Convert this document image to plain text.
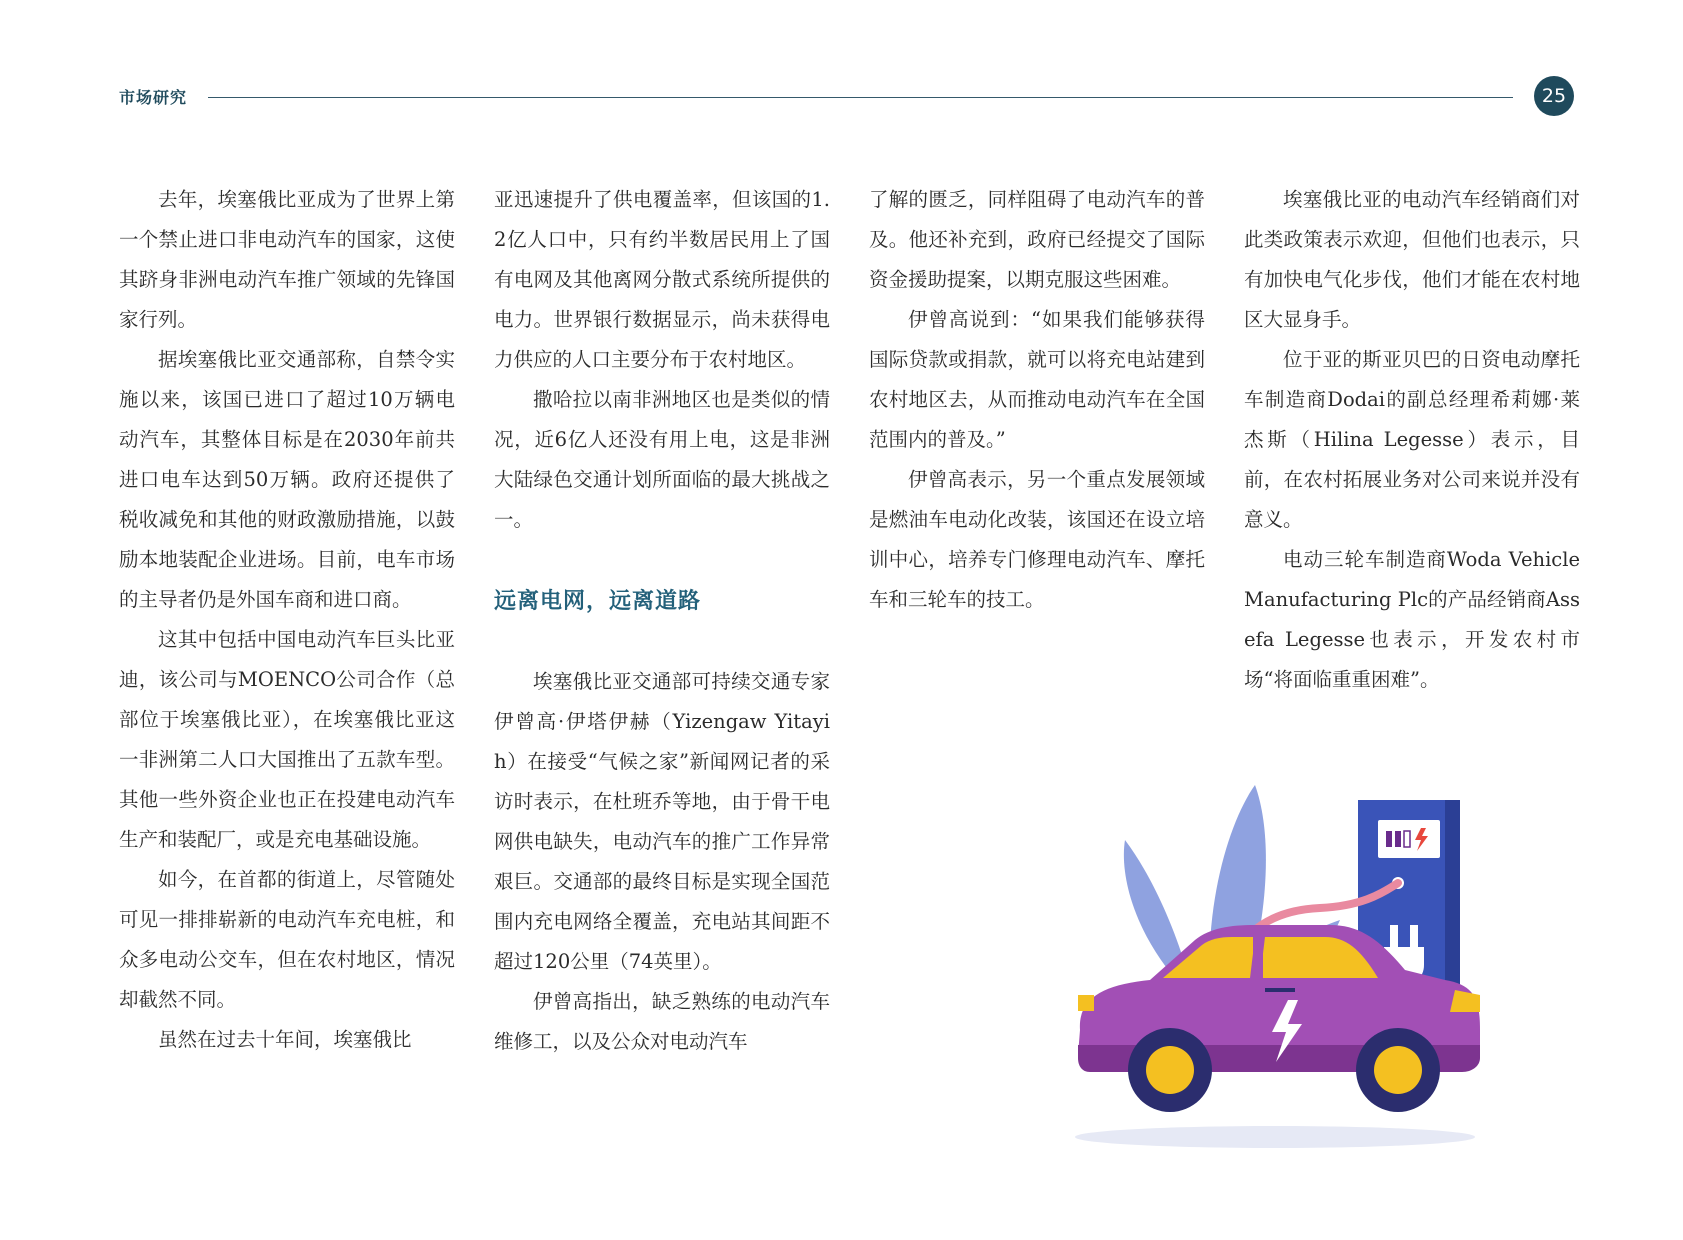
市场研究	25

去年，埃塞俄比亚成为了世界上第一个禁止进口非电动汽车的国家，这使其跻身非洲电动汽车推广领域的先锋国家行列。

据埃塞俄比亚交通部称，自禁令实施以来，该国已进口了超过10万辆电动汽车，其整体目标是在2030年前共进口电车达到50万辆。政府还提供了税收减免和其他的财政激励措施，以鼓励本地装配企业进场。目前，电车市场的主导者仍是外国车商和进口商。

这其中包括中国电动汽车巨头比亚迪，该公司与MOENCO公司合作（总部位于埃塞俄比亚），在埃塞俄比亚这一非洲第二人口大国推出了五款车型。其他一些外资企业也正在投建电动汽车生产和装配厂，或是充电基础设施。

如今，在首都的街道上，尽管随处可见一排排崭新的电动汽车充电桩，和众多电动公交车，但在农村地区，情况却截然不同。

虽然在过去十年间，埃塞俄比

亚迅速提升了供电覆盖率，但该国的1.2亿人口中，只有约半数居民用上了国有电网及其他离网分散式系统所提供的电力。世界银行数据显示，尚未获得电力供应的人口主要分布于农村地区。

撒哈拉以南非洲地区也是类似的情况，近6亿人还没有用上电，这是非洲大陆绿色交通计划所面临的最大挑战之一。

远离电网，远离道路

埃塞俄比亚交通部可持续交通专家伊曾高·伊塔伊赫（Yizengaw Yitayih）在接受“气候之家”新闻网记者的采访时表示，在杜班乔等地，由于骨干电网供电缺失，电动汽车的推广工作异常艰巨。交通部的最终目标是实现全国范围内充电网络全覆盖，充电站其间距不超过120公里（74英里）。

伊曾高指出，缺乏熟练的电动汽车维修工，以及公众对电动汽车

了解的匮乏，同样阻碍了电动汽车的普及。他还补充到，政府已经提交了国际资金援助提案，以期克服这些困难。

伊曾高说到：“如果我们能够获得国际贷款或捐款，就可以将充电站建到农村地区去，从而推动电动汽车在全国范围内的普及。”

伊曾高表示，另一个重点发展领域是燃油车电动化改装，该国还在设立培训中心，培养专门修理电动汽车、摩托车和三轮车的技工。

埃塞俄比亚的电动汽车经销商们对此类政策表示欢迎，但他们也表示，只有加快电气化步伐，他们才能在农村地区大显身手。

位于亚的斯亚贝巴的日资电动摩托车制造商Dodai的副总经理希莉娜·莱杰斯（Hilina Legesse）表示，目前，在农村拓展业务对公司来说并没有意义。

电动三轮车制造商Woda Vehicle Manufacturing Plc的产品经销商Assefa Legesse也表示，开发农村市场“将面临重重困难”。
